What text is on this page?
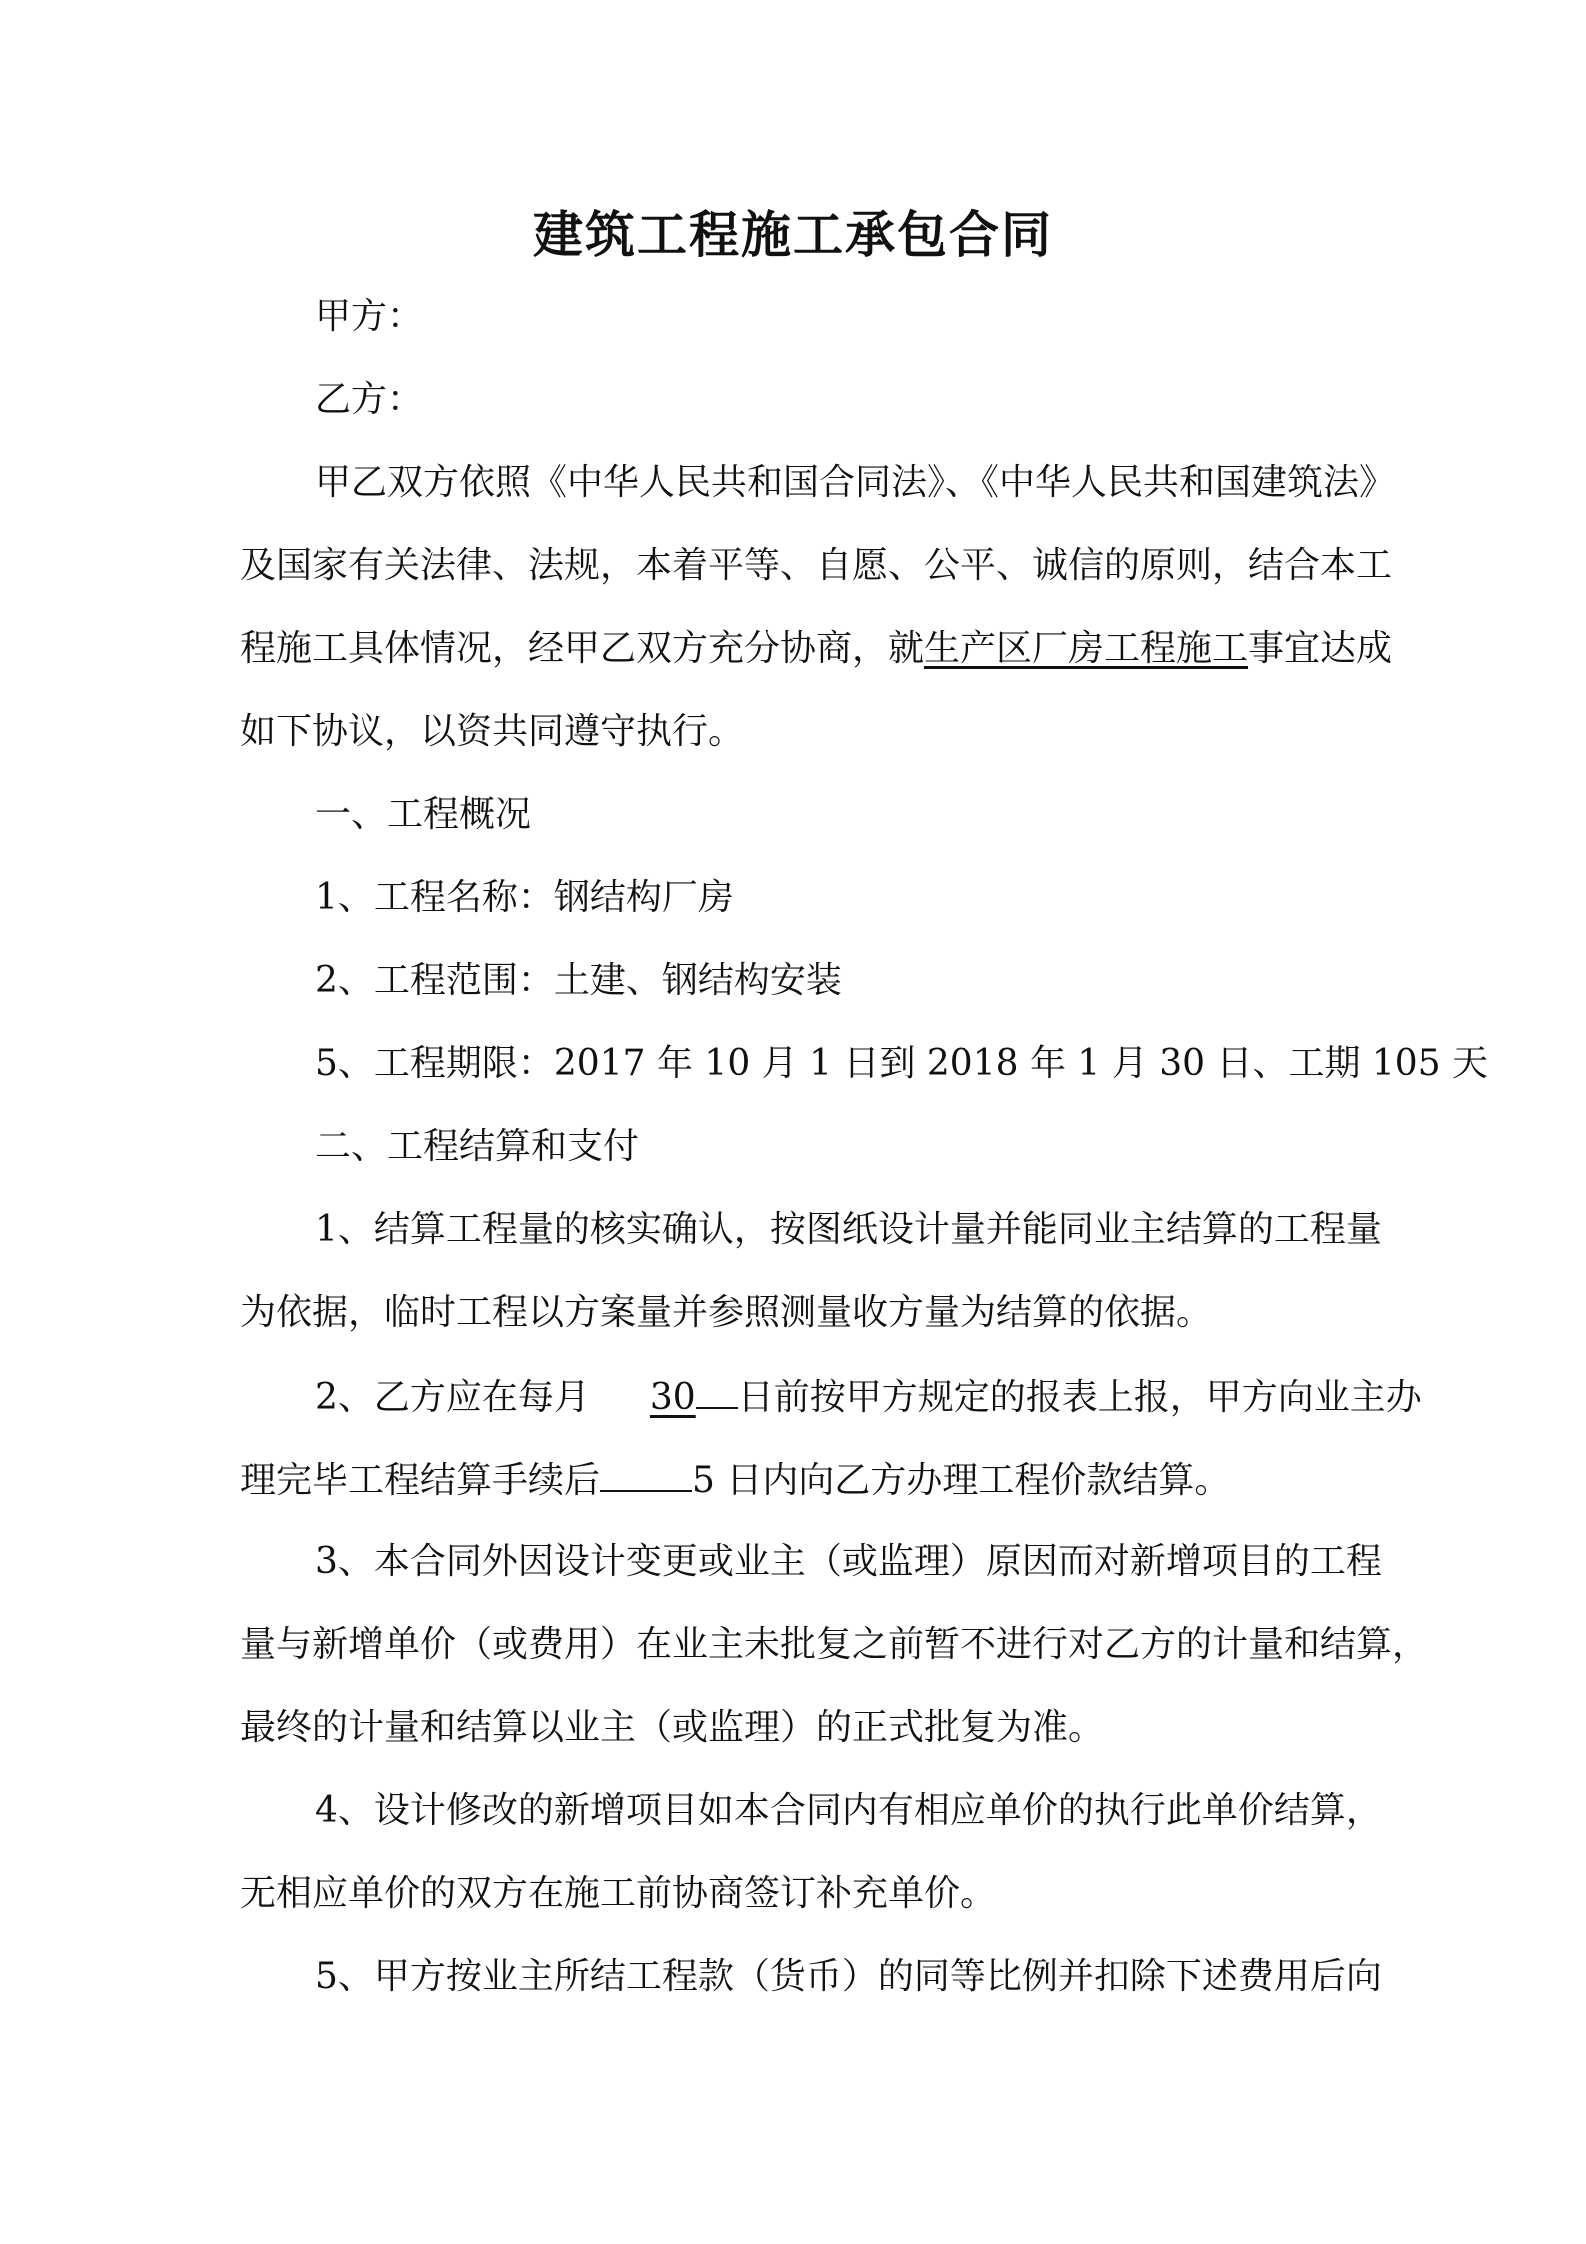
建筑工程施工承包合同
甲方：
乙方：
甲乙双方依照《中华人民共和国合同法》、《中华人民共和国建筑法》
及国家有关法律、法规，本着平等、自愿、公平、诚信的原则，结合本工
程施工具体情况，经甲乙双方充分协商，就生产区厂房工程施工事宜达成
如下协议，以资共同遵守执行。
一、工程概况
1、工程名称：钢结构厂房
2、工程范围：土建、钢结构安装
5、工程期限：2017 年 10 月 1 日到 2018 年 1 月 30 日、工期 105 天
二、工程结算和支付
1、结算工程量的核实确认，按图纸设计量并能同业主结算的工程量
为依据，临时工程以方案量并参照测量收方量为结算的依据。
2、乙方应在每月 30 日前按甲方规定的报表上报，甲方向业主办
理完毕工程结算手续后	5 日内向乙方办理工程价款结算。
3、本合同外因设计变更或业主（或监理）原因而对新增项目的工程
量与新增单价（或费用）在业主未批复之前暂不进行对乙方的计量和结算，
最终的计量和结算以业主（或监理）的正式批复为准。
4、设计修改的新增项目如本合同内有相应单价的执行此单价结算，
无相应单价的双方在施工前协商签订补充单价。
5、甲方按业主所结工程款（货币）的同等比例并扣除下述费用后向
